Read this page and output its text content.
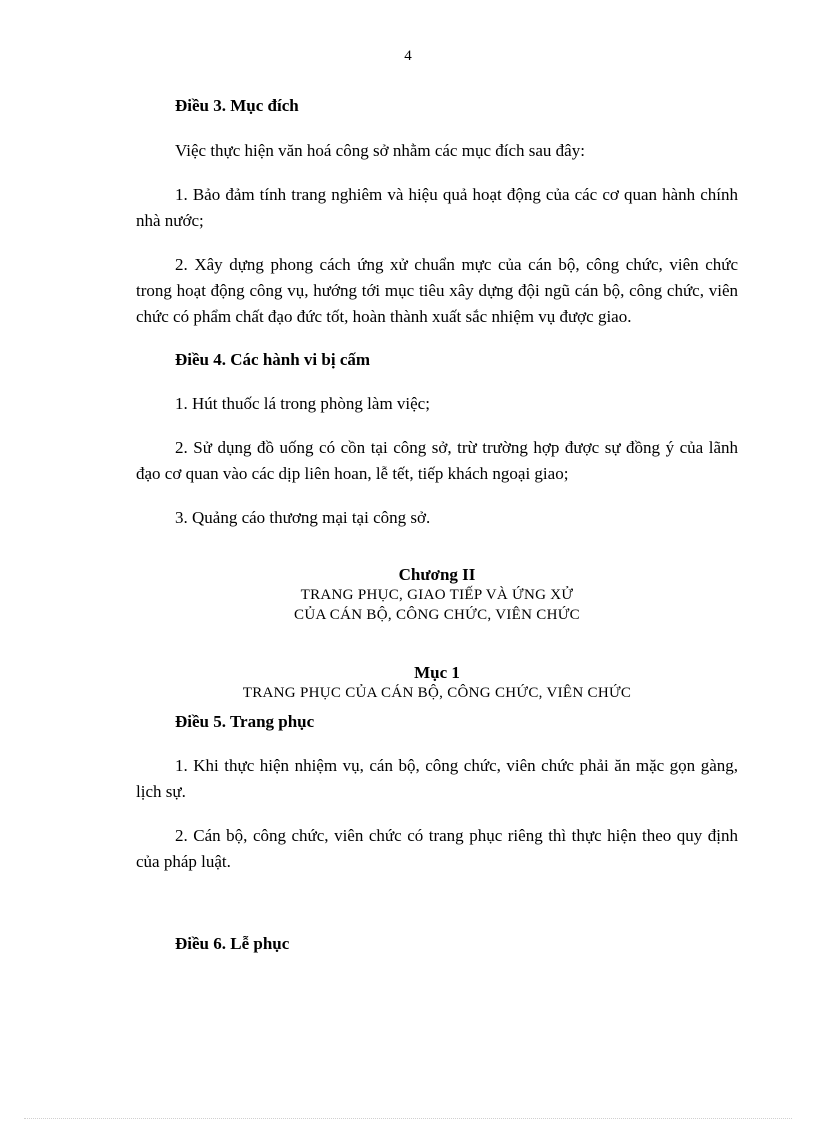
4

Điều 3. Mục đích

Việc thực hiện văn hoá công sở nhằm các mục đích sau đây:

1. Bảo đảm tính trang nghiêm và hiệu quả hoạt động của các cơ quan hành chính nhà nước;

2. Xây dựng phong cách ứng xử chuẩn mực của cán bộ, công chức, viên chức trong hoạt động công vụ, hướng tới mục tiêu xây dựng đội ngũ cán bộ, công chức, viên chức có phẩm chất đạo đức tốt, hoàn thành xuất sắc nhiệm vụ được giao.

Điều 4. Các hành vi bị cấm

1. Hút thuốc lá trong phòng làm việc;

2. Sử dụng đồ uống có cồn tại công sở, trừ trường hợp được sự đồng ý của lãnh đạo cơ quan vào các dịp liên hoan, lễ tết, tiếp khách ngoại giao;

3. Quảng cáo thương mại tại công sở.

Chương II

TRANG PHỤC, GIAO TIẾP VÀ ỨNG XỬ

CỦA CÁN BỘ, CÔNG CHỨC, VIÊN CHỨC

Mục 1

TRANG PHỤC CỦA CÁN BỘ, CÔNG CHỨC, VIÊN CHỨC

Điều 5. Trang phục

1. Khi thực hiện nhiệm vụ, cán bộ, công chức, viên chức phải ăn mặc gọn gàng, lịch sự.

2. Cán bộ, công chức, viên chức có trang phục riêng thì thực hiện theo quy định của pháp luật.

Điều 6. Lễ phục
